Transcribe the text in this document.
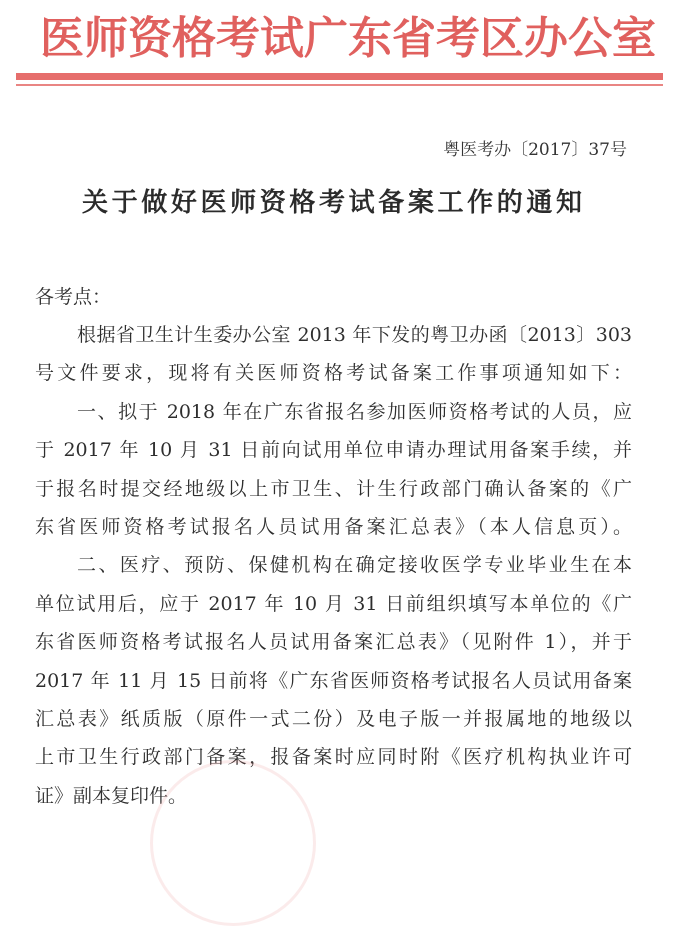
医师资格考试广东省考区办公室
粤医考办〔2017〕37号
关于做好医师资格考试备案工作的通知
各考点：
根据省卫生计生委办公室 2013 年下发的粤卫办函〔2013〕303
号文件要求，现将有关医师资格考试备案工作事项通知如下：
一、拟于 2018 年在广东省报名参加医师资格考试的人员，应
于 2017 年 10 月 31 日前向试用单位申请办理试用备案手续，并
于报名时提交经地级以上市卫生、计生行政部门确认备案的《广
东省医师资格考试报名人员试用备案汇总表》（本人信息页）。
二、医疗、预防、保健机构在确定接收医学专业毕业生在本
单位试用后，应于 2017 年 10 月 31 日前组织填写本单位的《广
东省医师资格考试报名人员试用备案汇总表》（见附件 1），并于
2017 年 11 月 15 日前将《广东省医师资格考试报名人员试用备案
汇总表》纸质版（原件一式二份）及电子版一并报属地的地级以
上市卫生行政部门备案，报备案时应同时附《医疗机构执业许可
证》副本复印件。
